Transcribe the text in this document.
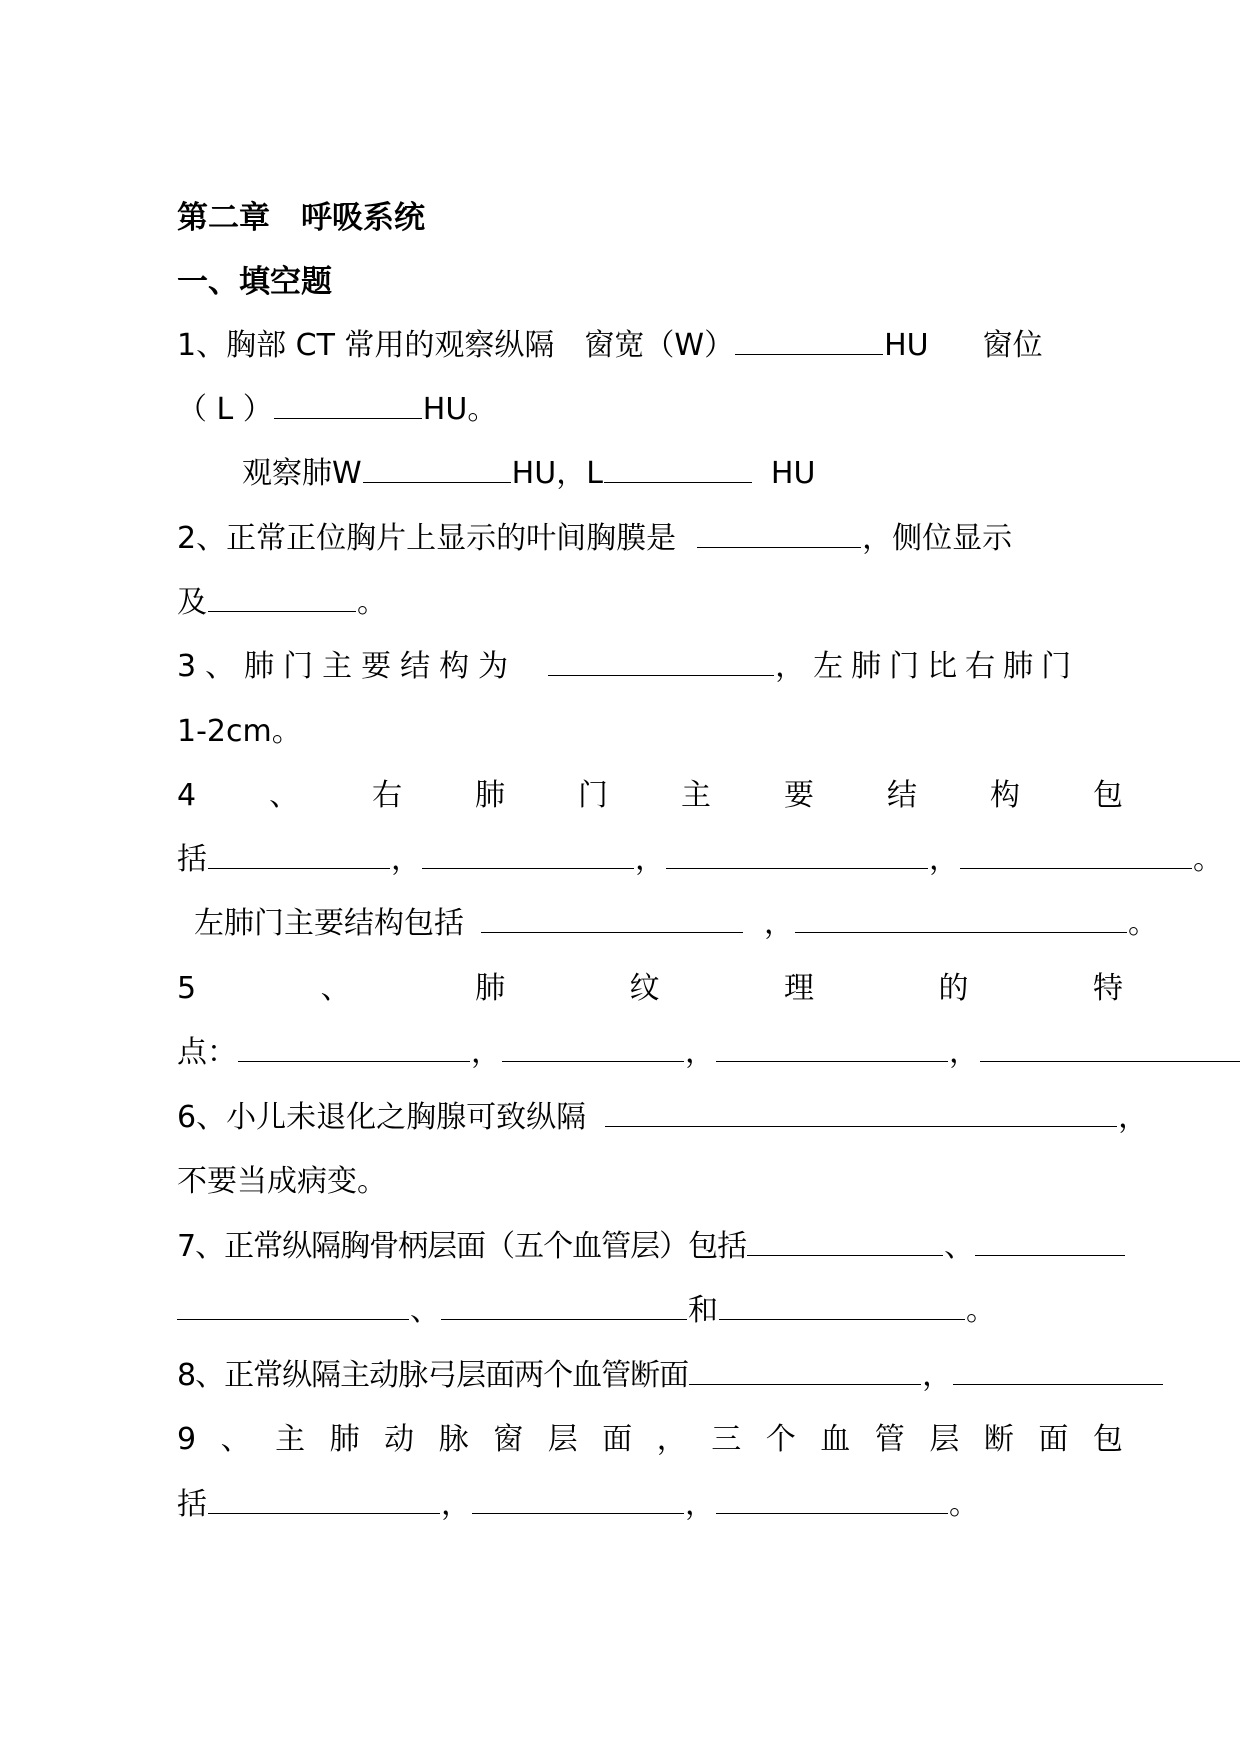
第二章　呼吸系统
一、填空题
1、胸部 CT 常用的观察纵隔　窗宽（W）	HU 窗位
（ L ）	HU。
观察肺W	HU，L	HU
2、正常正位胸片上显示的叶间胸膜是	，侧位显示
及	。
3、肺门主要结构为	，左肺门比右肺门
1-2cm。
4 、 右 肺 门 主 要 结 构 包
括	，	，	，	。
左肺门主要结构包括	，	。
5	、	肺	纹	理	的	特
点：	，	，	，
6、小儿未退化之胸腺可致纵隔	，
不要当成病变。
7、正常纵隔胸骨柄层面（五个血管层）包括	、
、	和	。
8、正常纵隔主动脉弓层面两个血管断面	，
9 、 主 肺 动 脉 窗 层 面 ， 三 个 血 管 层 断 面 包
括	，	，	。
